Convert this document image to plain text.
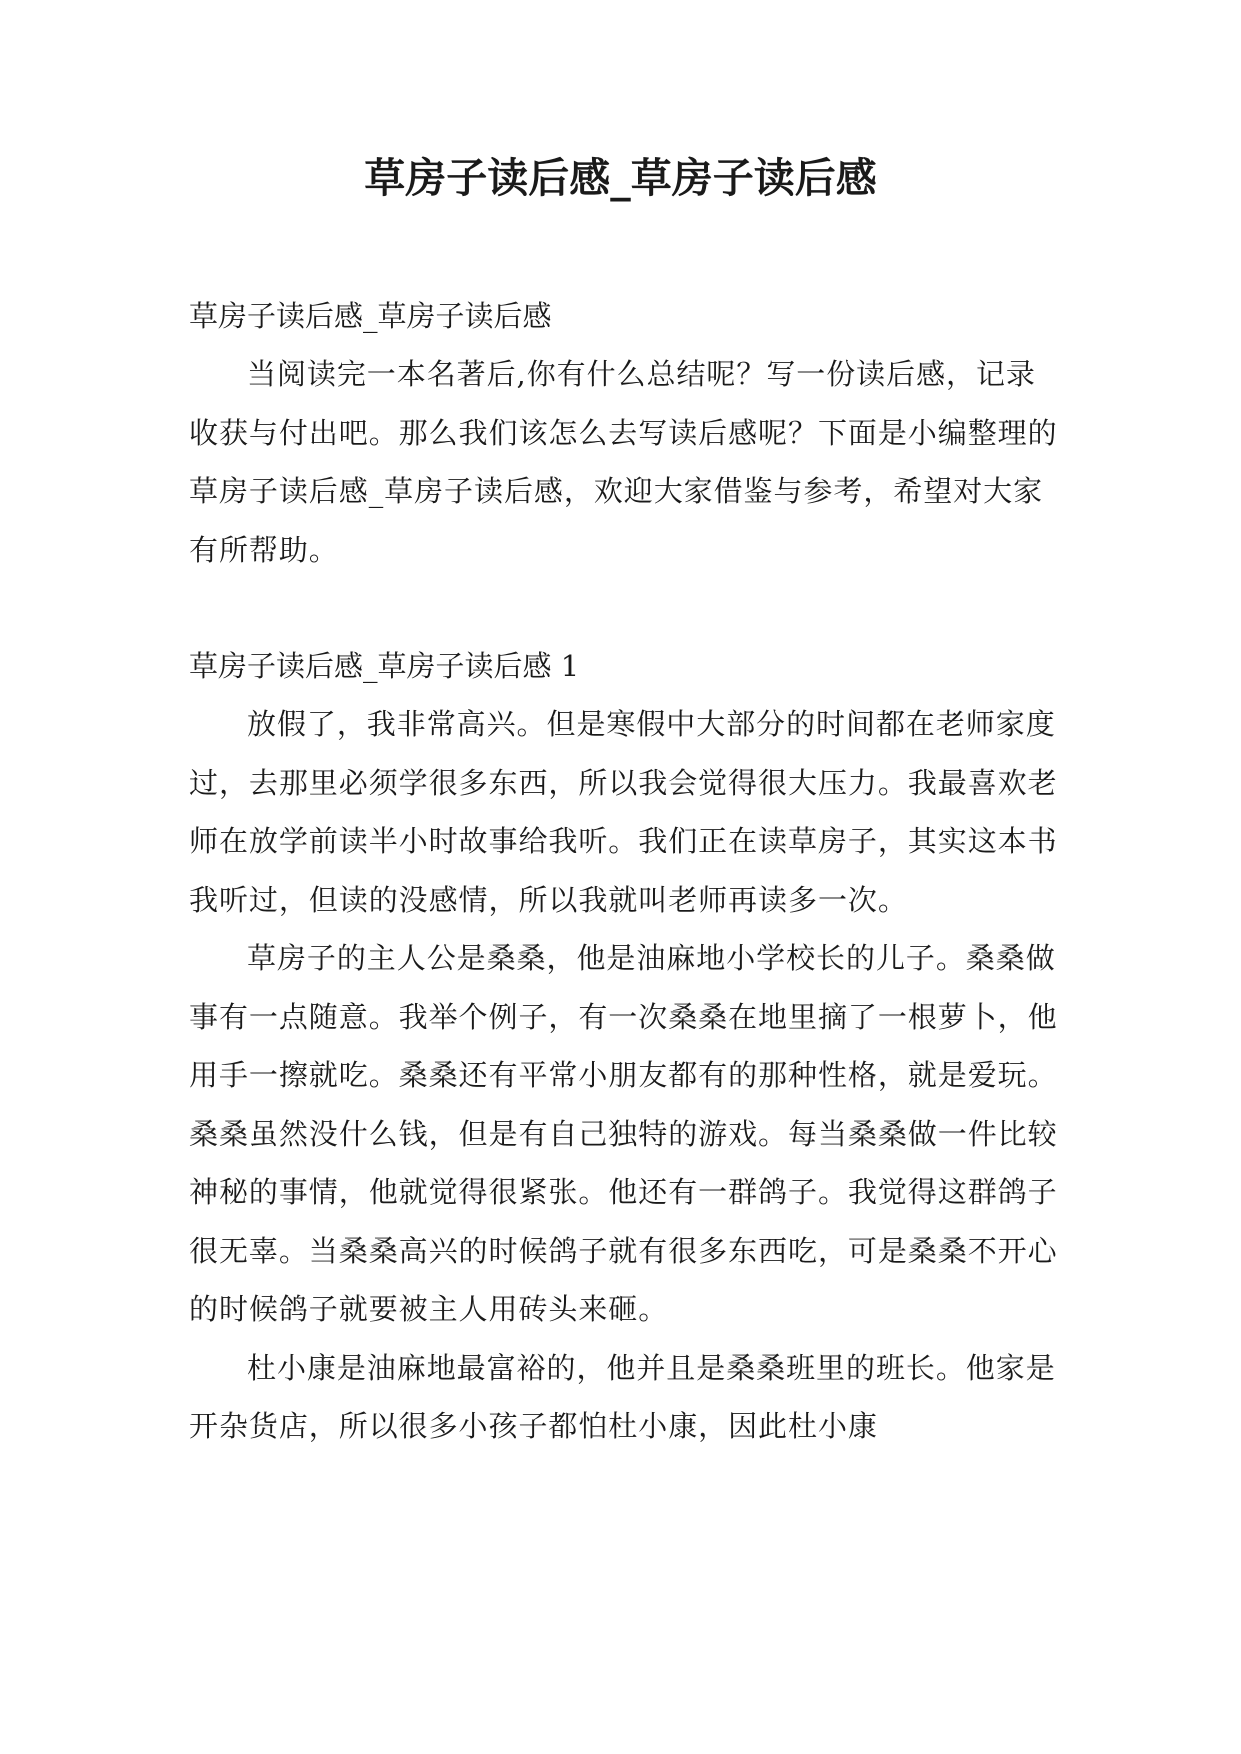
草房子读后感_草房子读后感

草房子读后感_草房子读后感

当阅读完一本名著后,你有什么总结呢？写一份读后感，记录收获与付出吧。那么我们该怎么去写读后感呢？下面是小编整理的草房子读后感_草房子读后感，欢迎大家借鉴与参考，希望对大家有所帮助。

草房子读后感_草房子读后感 1

放假了，我非常高兴。但是寒假中大部分的时间都在老师家度过，去那里必须学很多东西，所以我会觉得很大压力。我最喜欢老师在放学前读半小时故事给我听。我们正在读草房子，其实这本书我听过，但读的没感情，所以我就叫老师再读多一次。

草房子的主人公是桑桑，他是油麻地小学校长的儿子。桑桑做事有一点随意。我举个例子，有一次桑桑在地里摘了一根萝卜，他用手一擦就吃。桑桑还有平常小朋友都有的那种性格，就是爱玩。桑桑虽然没什么钱，但是有自己独特的游戏。每当桑桑做一件比较神秘的事情，他就觉得很紧张。他还有一群鸽子。我觉得这群鸽子很无辜。当桑桑高兴的时候鸽子就有很多东西吃，可是桑桑不开心的时候鸽子就要被主人用砖头来砸。

杜小康是油麻地最富裕的，他并且是桑桑班里的班长。他家是开杂货店，所以很多小孩子都怕杜小康，因此杜小康
